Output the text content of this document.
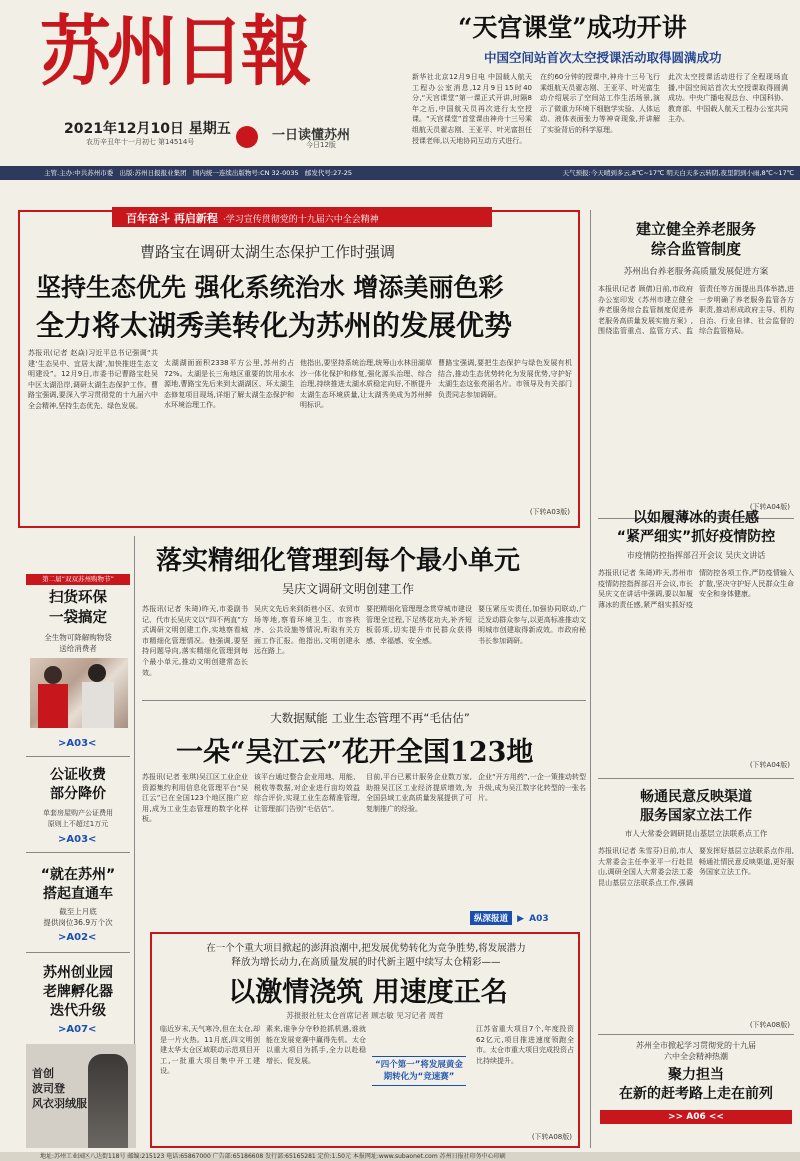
苏州日報
2021年12月10日 星期五
农历辛丑年十一月初七 第14514号	一日读懂苏州
今日12版
“天宫课堂”成功开讲
中国空间站首次太空授课活动取得圆满成功
新华社北京12月9日电 中国载人航天工程办公室消息,12月9日15时40分,“天宫课堂”第一课正式开讲,时隔8年之后,中国航天员再次进行太空授课。“天宫课堂”首堂课由神舟十三号乘组航天员翟志刚、王亚平、叶光富担任授课老师,以天地协同互动方式进行。
在约60分钟的授课中,神舟十三号飞行乘组航天员翟志刚、王亚平、叶光富生动介绍展示了空间站工作生活场景,演示了微重力环境下细胞学实验、人体运动、液体表面张力等神奇现象,并讲解了实验背后的科学原理。
此次太空授课活动进行了全程现场直播,中国空间站首次太空授课取得圆满成功。中央广播电视总台、中国科协、教育部、中国载人航天工程办公室共同主办。
主管.主办:中共苏州市委 出版:苏州日报报业集团 国内统一连续出版物号:CN 32-0035 邮发代号:27-25	天气预报:今天晴到多云,8℃~17℃ 明天白天多云转阴,夜里阴到小雨,8℃~17℃
百年奋斗 再启新程 ·学习宣传贯彻党的十九届六中全会精神
曹路宝在调研太湖生态保护工作时强调
坚持生态优先 强化系统治水 增添美丽色彩
全力将太湖秀美转化为苏州的发展优势
苏报讯(记者 赵焱)习近平总书记强调“共建‘生态吴中、宜居太湖’,加快推进生态文明建设”。12月9日,市委书记曹路宝赴吴中区太湖沿岸,调研太湖生态保护工作。曹路宝强调,要深入学习贯彻党的十九届六中全会精神,坚持生态优先、绿色发展。
太湖湖面面积2338平方公里,苏州约占72%。太湖是长三角地区重要的饮用水水源地,曹路宝先后来到太湖湖区、环太湖生态修复项目现场,详细了解太湖生态保护和水环境治理工作。
他指出,要坚持系统治理,统筹山水林田湖草沙一体化保护和修复,强化源头治理、综合治理,持续推进太湖水质稳定向好,不断提升太湖生态环境质量,让太湖秀美成为苏州鲜明标识。
曹路宝强调,要把生态保护与绿色发展有机结合,推动生态优势转化为发展优势,守护好太湖生态这张亮丽名片。市领导及有关部门负责同志参加调研。
(下转A03版)
建立健全养老服务
综合监管制度
苏州出台养老服务高质量发展促进方案
本报讯(记者 顾倩)日前,市政府办公室印发《苏州市建立健全养老服务综合监管制度促进养老服务高质量发展实施方案》,围绕监管重点、监管方式、监管责任等方面提出具体举措,进一步明确了养老服务监管各方职责,推动形成政府主导、机构自治、行业自律、社会监督的综合监管格局。
(下转A04版)
以如履薄冰的责任感
“紧严细实”抓好疫情防控
市疫情防控指挥部召开会议 吴庆文讲话
苏报讯(记者 朱琦)昨天,苏州市疫情防控指挥部召开会议,市长吴庆文在讲话中强调,要以如履薄冰的责任感,紧严细实抓好疫情防控各项工作,严防疫情输入扩散,坚决守护好人民群众生命安全和身体健康。
(下转A04版)
畅通民意反映渠道
服务国家立法工作
市人大常委会调研昆山基层立法联系点工作
苏报讯(记者 朱雪芬)日前,市人大常委会主任李亚平一行赴昆山,调研全国人大常委会法工委昆山基层立法联系点工作,强调要发挥好基层立法联系点作用,畅通社情民意反映渠道,更好服务国家立法工作。
(下转A08版)
苏州全市掀起学习贯彻党的十九届
六中全会精神热潮
聚力担当
在新的赶考路上走在前列
>> A06 <<
第二届“双双苏州购物节”
扫货环保
一袋搞定
全生物可降解购物袋
送给消费者
>A03<
公证收费
部分降价
单套房屋购产公证费用
原则上不超过1万元
>A03<
“就在苏州”
搭起直通车
截至上月底
提供岗位36.9万个次
>A02<
苏州创业园
老牌孵化器
迭代升级
>A07<
首创
波司登
风衣羽绒服
落实精细化管理到每个最小单元
吴庆文调研文明创建工作
苏报讯(记者 朱琦)昨天,市委副书记、代市长吴庆文以“四不两直”方式调研文明创建工作,实地察看城市精细化管理情况。他强调,要坚持问题导向,落实精细化管理到每个最小单元,推动文明创建常态长效。
吴庆文先后来到街巷小区、农贸市场等地,察看环境卫生、市容秩序、公共设施等情况,听取有关方面工作汇报。他指出,文明创建永远在路上。
要把精细化管理理念贯穿城市建设管理全过程,下足绣花功夫,补齐短板弱项,切实提升市民群众获得感、幸福感、安全感。
要压紧压实责任,加强协同联动,广泛发动群众参与,以更高标准推动文明城市创建取得新成效。市政府秘书长参加调研。
大数据赋能 工业生态管理不再“毛估估”
一朵“吴江云”花开全国123地
苏报讯(记者 张琪)吴江区工业企业资源集约利用信息化管理平台“吴江云”已在全国123个地区推广应用,成为工业生态管理的数字化样板。
该平台通过整合企业用地、用能、税收等数据,对企业进行亩均效益综合评价,实现工业生态精准管理,让管理部门告别“毛估估”。
目前,平台已累计服务企业数万家,助推吴江区工业经济提质增效,为全国县域工业高质量发展提供了可复制推广的经验。
企业“开方用药”,一企一策推动转型升级,成为吴江数字化转型的一张名片。
纵深报道 ▶ A03
在一个个重大项目掀起的澎湃浪潮中,把发展优势转化为竞争胜势,将发展潜力
释放为增长动力,在高质量发展的时代新主题中续写太仓精彩——
以激情浇筑 用速度正名
苏报报社驻太仓首席记者 顾志敏 见习记者 周哲
临近岁末,天气寒冷,但在太仓,却是一片火热。11月底,四文明创建太华太仓区域联动示范项目开工,一批重大项目集中开工建设。
素来,谁争分夺秒抢抓机遇,谁就能在发展竞赛中赢得先机。太仓以重大项目为抓手,全力以赴稳增长、促发展。	“四个第一”将发展黄金期转化为“竞速赛”
江苏省重大项目7个,年度投资62亿元,项目推进速度领跑全市。太仓市重大项目完成投资占比持续提升。
(下转A08版)
地址:苏州工业园区八达街118号 邮编:215123 电话:65867000 广告部:65186608 发行部:65165281 定价:1.50元 本报网址:www.subaonet.com 苏州日报社印务中心印刷
